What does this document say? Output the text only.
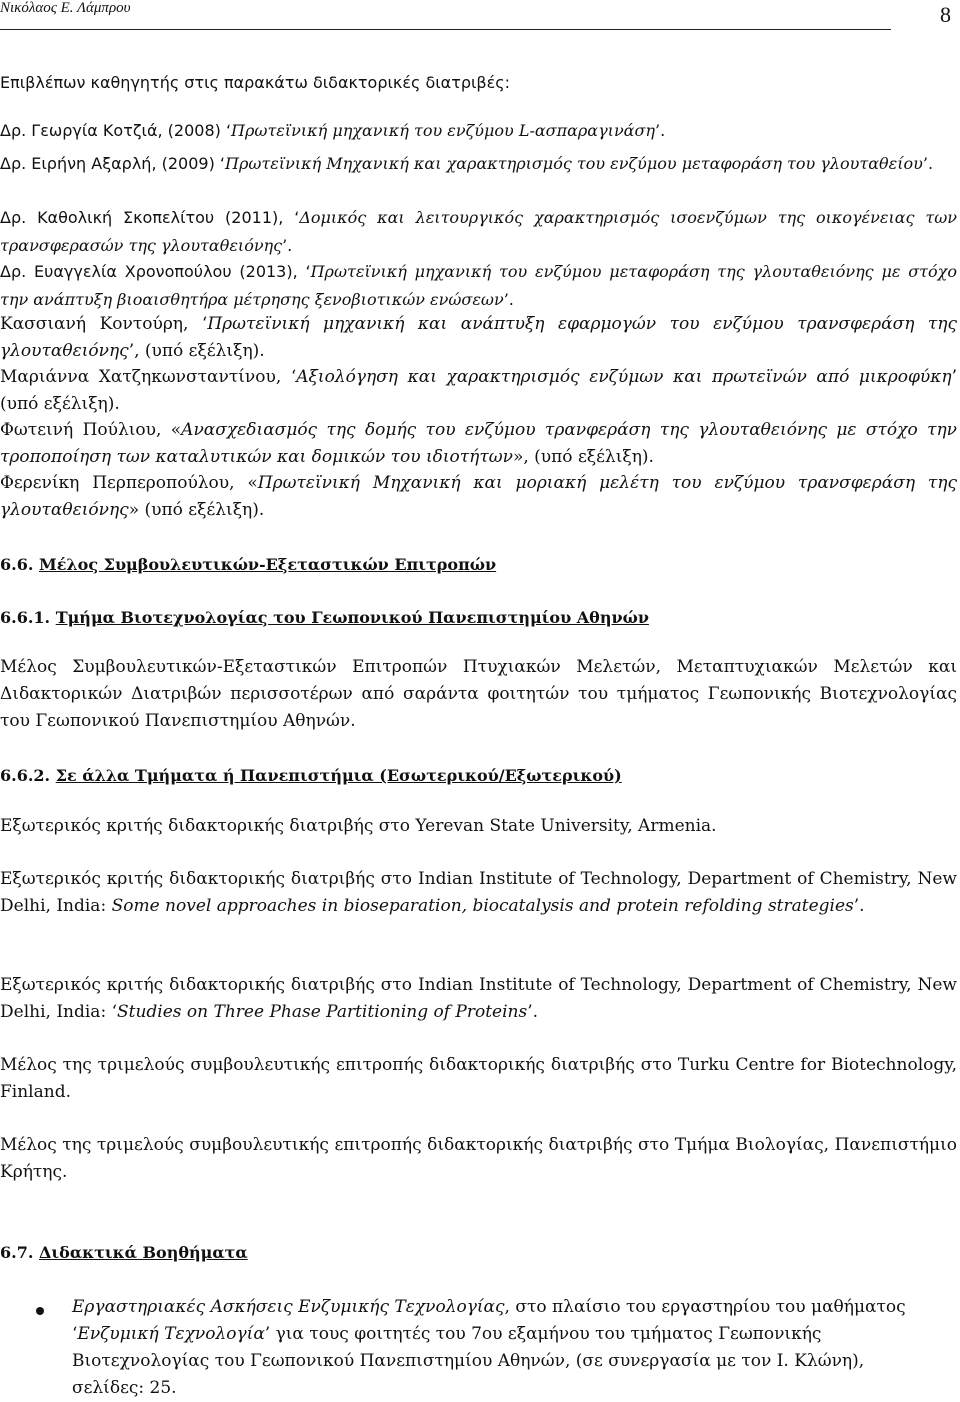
Νικόλαος Ε. Λάμπρου	8

Επιβλέπων καθηγητής στις παρακάτω διδακτορικές διατριβές:

Δρ. Γεωργία Κοτζιά, (2008) ‘Πρωτεϊνική μηχανική του ενζύμου L-ασπαραγινάση’.

Δρ. Ειρήνη Αξαρλή, (2009) ‘Πρωτεϊνική Μηχανική και χαρακτηρισμός του ενζύμου μεταφοράση του γλουταθείου’.

Δρ. Καθολική Σκοπελίτου (2011), ‘Δομικός και λειτουργικός χαρακτηρισμός ισοενζύμων της οικογένειας των τρανσφερασών της γλουταθειόνης’.

Δρ. Ευαγγελία Χρονοπούλου (2013), ‘Πρωτεϊνική μηχανική του ενζύμου μεταφοράση της γλουταθειόνης με στόχο την ανάπτυξη βιοαισθητήρα μέτρησης ξενοβιοτικών ενώσεων’.

Κασσιανή Κοντούρη, ‘Πρωτεϊνική μηχανική και ανάπτυξη εφαρμογών του ενζύμου τρανσφεράση της γλουταθειόνης’, (υπό εξέλιξη).

Μαριάννα Χατζηκωνσταντίνου, ‘Αξιολόγηση και χαρακτηρισμός ενζύμων και πρωτεϊνών από μικροφύκη’ (υπό εξέλιξη).

Φωτεινή Πούλιου, «Ανασχεδιασμός της δομής του ενζύμου τρανφεράση της γλουταθειόνης με στόχο την τροποποίηση των καταλυτικών και δομικών του ιδιοτήτων», (υπό εξέλιξη).

Φερενίκη Περπεροπούλου, «Πρωτεϊνική Μηχανική και μοριακή μελέτη του ενζύμου τρανσφεράση της γλουταθειόνης» (υπό εξέλιξη).

6.6. Μέλος Συμβουλευτικών-Εξεταστικών Επιτροπών

6.6.1. Τμήμα Βιοτεχνολογίας του Γεωπονικού Πανεπιστημίου Αθηνών

Μέλος Συμβουλευτικών-Εξεταστικών Επιτροπών Πτυχιακών Μελετών, Μεταπτυχιακών Μελετών και Διδακτορικών Διατριβών περισσοτέρων από σαράντα φοιτητών του τμήματος Γεωπονικής Βιοτεχνολογίας του Γεωπονικού Πανεπιστημίου Αθηνών.

6.6.2. Σε άλλα Τμήματα ή Πανεπιστήμια (Εσωτερικού/Εξωτερικού)

Εξωτερικός κριτής διδακτορικής διατριβής στο Yerevan State University, Armenia.

Εξωτερικός κριτής διδακτορικής διατριβής στο Indian Institute of Technology, Department of Chemistry, New Delhi, India: Some novel approaches in bioseparation, biocatalysis and protein refolding strategies’.

Εξωτερικός κριτής διδακτορικής διατριβής στο Indian Institute of Technology, Department of Chemistry, New Delhi, India: ‘Studies on Three Phase Partitioning of Proteins’.

Μέλος της τριμελούς συμβουλευτικής επιτροπής διδακτορικής διατριβής στο Turku Centre for Biotechnology, Finland.

Μέλος της τριμελούς συμβουλευτικής επιτροπής διδακτορικής διατριβής στο Τμήμα Βιολογίας, Πανεπιστήμιο Κρήτης.

6.7. Διδακτικά Βοηθήματα

Εργαστηριακές Ασκήσεις Ενζυμικής Τεχνολογίας, στο πλαίσιο του εργαστηρίου του μαθήματος ‘Ενζυμική Τεχνολογία’ για τους φοιτητές του 7ου εξαμήνου του τμήματος Γεωπονικής Βιοτεχνολογίας του Γεωπονικού Πανεπιστημίου Αθηνών, (σε συνεργασία με τον Ι. Κλώνη), σελίδες: 25.
